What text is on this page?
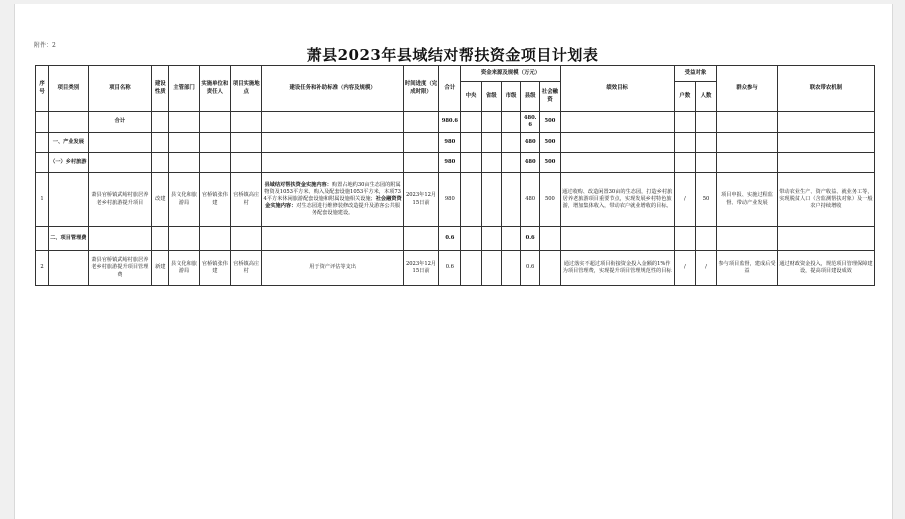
附件：2
萧县2023年县域结对帮扶资金项目计划表
序号	项目类别	项目名称	建设性质	主管部门	实施单位和责任人	项目实施地点	建设任务和补助标准（内容及规模）	时间进度（完成时限）	合计	资金来源及规模（万元）					绩效目标	受益对象		群众参与	联农带农机制
										中央	省级	市级	县级	社会融资		户数	人数		
		合计							980.6				480.6	500					
	一、产业发展								980				480	500					
	（一）乡村旅游								980				480	500					
1		萧县官桥镇武峪村旅居养老乡村旅游提升项目	改建	县文化和旅游局	官桥镇张伟建	官桥镇高庄村	县域结对帮扶资金实施内容：购置占地约30亩生态园的附属物资及1053平方米、购入及配套设施1053平方米，本项734平方米休闲旅游配套设施和附属设施相关设施；社会融资资金实施内容：对生态园进行维修装修改造提升及游客公共服务配套设施建设。	2023年12月15日前	980				480	500	通过收购、改造闲置30亩的生态园，打造乡村旅居养老旅游项目重要节点，实现发展乡村特色旅游，增加集体收入，带动农户就业增收的目标。	/	50	项目申报、实施过程监督、带动产业发展	带动农业生产、资产收益、就业务工等，实现脱贫人口（含监测帮扶对象）及一般农户持续增收
	二、项目管理费								0.6				0.6						
2		萧县官桥镇武峪村旅居养老乡村旅游提升项目管理费	新建	县文化和旅游局	官桥镇张伟建	官桥镇高庄村	用于资产评估等支出	2023年12月15日前	0.6				0.6		通过落实不超过项目衔接资金投入金额的1%作为项目管理费，实现提升项目管理规范性的目标	/	/	参与项目监督，建成后受益	通过财政资金投入，规范项目管理保障建设，提高项目建设成效
